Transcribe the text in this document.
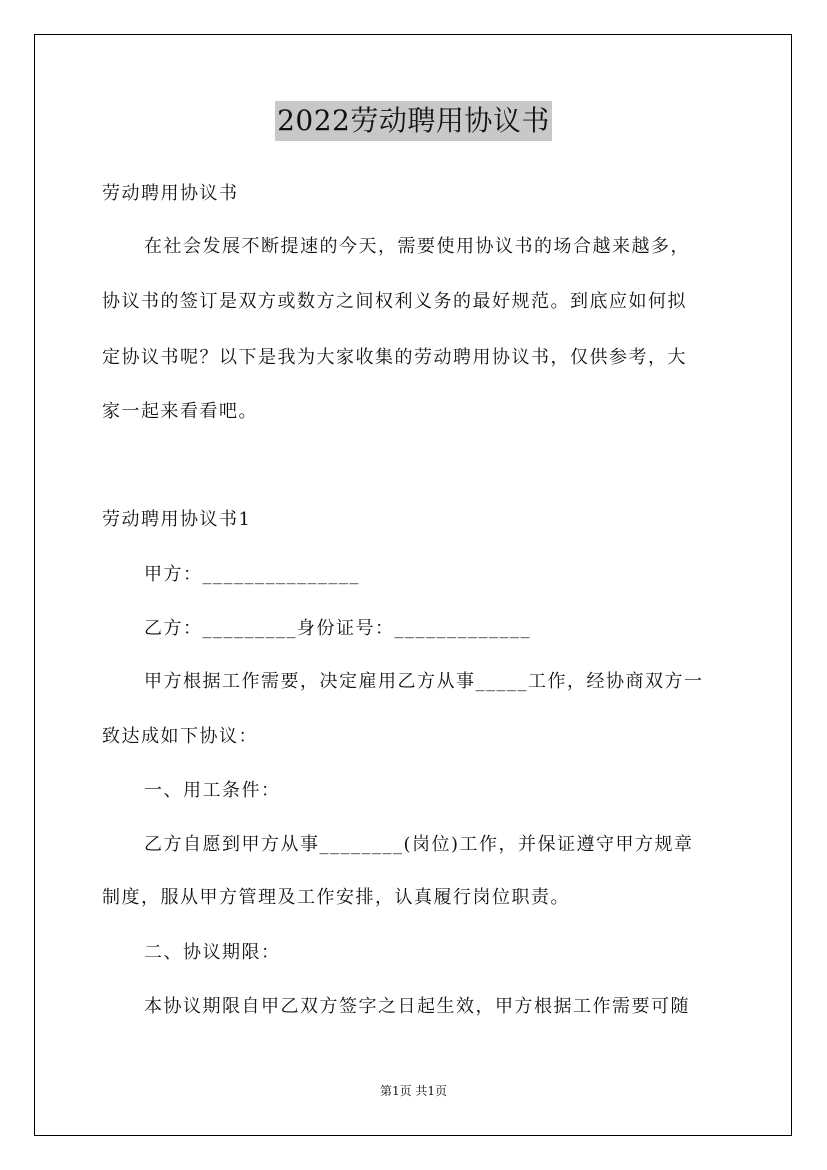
2022劳动聘用协议书
劳动聘用协议书
在社会发展不断提速的今天，需要使用协议书的场合越来越多，
协议书的签订是双方或数方之间权利义务的最好规范。到底应如何拟
定协议书呢？以下是我为大家收集的劳动聘用协议书，仅供参考，大
家一起来看看吧。
劳动聘用协议书1
甲方：_______________
乙方：_________身份证号：_____________
甲方根据工作需要，决定雇用乙方从事_____工作，经协商双方一
致达成如下协议：
一、用工条件：
乙方自愿到甲方从事________(岗位)工作，并保证遵守甲方规章
制度，服从甲方管理及工作安排，认真履行岗位职责。
二、协议期限：
本协议期限自甲乙双方签字之日起生效，甲方根据工作需要可随
第1页 共1页
